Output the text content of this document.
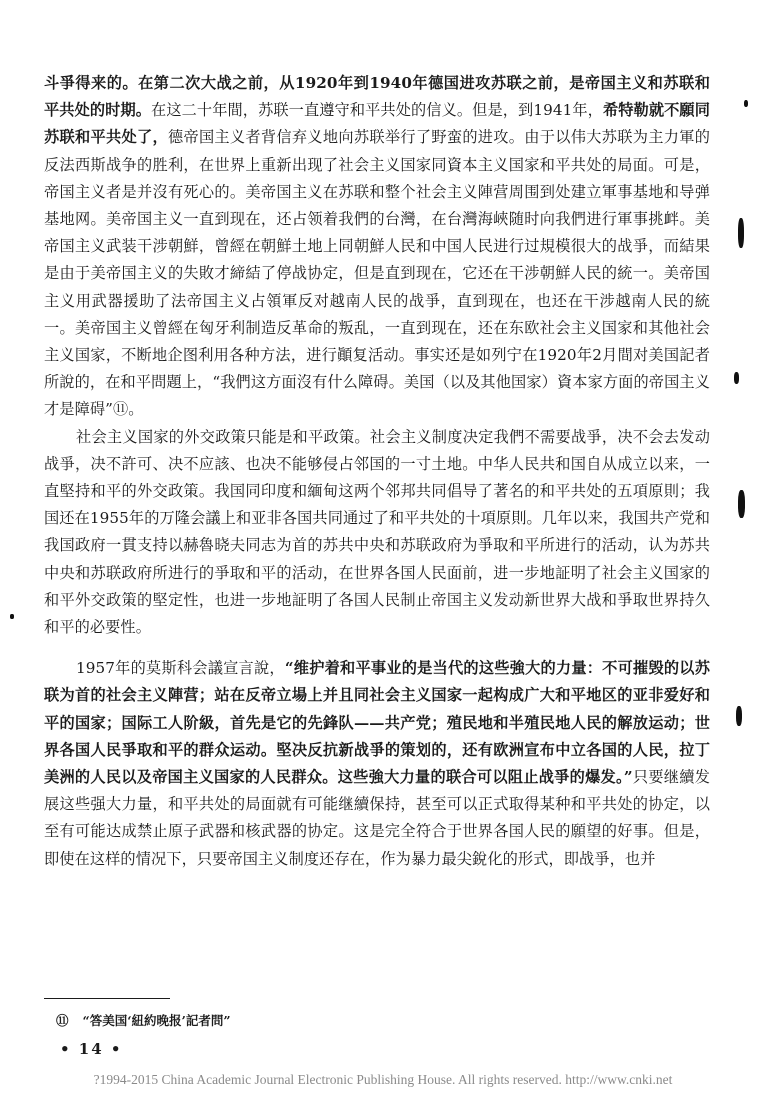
斗爭得来的。在第二次大战之前，从1920年到1940年德国进攻苏联之前，是帝国主义和苏联和平共处的时期。在这二十年間，苏联一直遵守和平共处的信义。但是，到1941年，希特勒就不願同苏联和平共处了，德帝国主义者背信弃义地向苏联举行了野蛮的进攻。由于以伟大苏联为主力軍的反法西斯战争的胜利，在世界上重新出现了社会主义国家同資本主义国家和平共处的局面。可是，帝国主义者是并沒有死心的。美帝国主义在苏联和整个社会主义陣营周围到处建立軍事基地和导弹基地网。美帝国主义一直到现在，还占领着我們的台灣，在台灣海峽随时向我們进行軍事挑衅。美帝国主义武装干涉朝鮮，曾經在朝鮮土地上同朝鮮人民和中国人民进行过規模很大的战爭，而結果是由于美帝国主义的失敗才締結了停战协定，但是直到现在，它还在干涉朝鮮人民的統一。美帝国主义用武器援助了法帝国主义占領軍反对越南人民的战爭，直到现在，也还在干涉越南人民的統一。美帝国主义曾經在匈牙利制造反革命的叛乱，一直到现在，还在东欧社会主义国家和其他社会主义国家，不断地企图利用各种方法，进行顚复活动。事实还是如列宁在1920年2月間对美国記者所說的，在和平問題上，“我們这方面沒有什么障碍。美国（以及其他国家）資本家方面的帝国主义才是障碍”⑪。

社会主义国家的外交政策只能是和平政策。社会主义制度决定我們不需要战爭，决不会去发动战爭，决不許可、决不应該、也决不能够侵占邻国的一寸土地。中华人民共和国自从成立以来，一直堅持和平的外交政策。我国同印度和緬甸这两个邻邦共同倡导了著名的和平共处的五項原則；我国还在1955年的万隆会議上和亚非各国共同通过了和平共处的十項原則。几年以来，我国共产党和我国政府一貫支持以赫魯晓夫同志为首的苏共中央和苏联政府为爭取和平所进行的活动，认为苏共中央和苏联政府所进行的爭取和平的活动，在世界各国人民面前，进一步地証明了社会主义国家的和平外交政策的堅定性，也进一步地証明了各国人民制止帝国主义发动新世界大战和爭取世界持久和平的必要性。

1957年的莫斯科会議宣言說，“维护着和平事业的是当代的这些強大的力量：不可摧毁的以苏联为首的社会主义陣营；站在反帝立場上并且同社会主义国家一起构成广大和平地区的亚非爱好和平的国家；国际工人阶級，首先是它的先鋒队——共产党；殖民地和半殖民地人民的解放运动；世界各国人民爭取和平的群众运动。堅决反抗新战爭的策划的，还有欧洲宣布中立各国的人民，拉丁美洲的人民以及帝国主义国家的人民群众。这些強大力量的联合可以阻止战爭的爆发。”只要继續发展这些强大力量，和平共处的局面就有可能继續保持，甚至可以正式取得某种和平共处的协定，以至有可能达成禁止原子武器和核武器的协定。这是完全符合于世界各国人民的願望的好事。但是，即使在这样的情况下，只要帝国主义制度还存在，作为暴力最尖銳化的形式，即战爭，也并

⑪ “答美国‘紐約晚报’記者問”
• 14 •
?1994-2015 China Academic Journal Electronic Publishing House. All rights reserved. http://www.cnki.net
